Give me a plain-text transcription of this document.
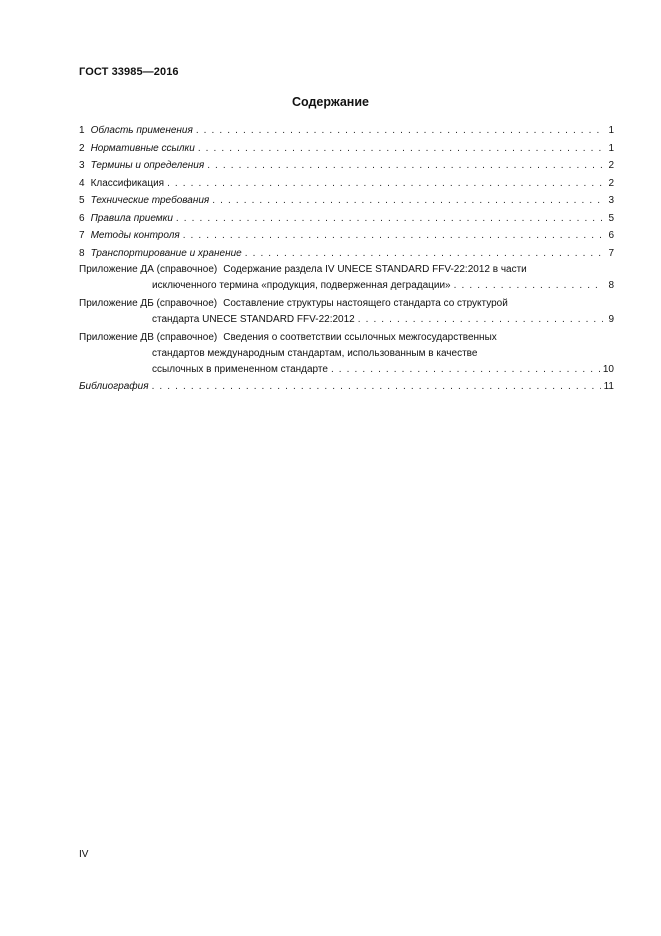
ГОСТ 33985—2016
Содержание
1 Область применения . . .	1
2 Нормативные ссылки . . .	1
3 Термины и определения . . .	2
4 Классификация . . .	2
5 Технические требования . . .	3
6 Правила приемки . . .	5
7 Методы контроля . . .	6
8 Транспортирование и хранение . . .	7
Приложение ДА (справочное) Содержание раздела IV UNECE STANDARD FFV-22:2012 в части
исключенного термина «продукция, подверженная деградации» . . .	8
Приложение ДБ (справочное) Составление структуры настоящего стандарта со структурой
стандарта UNECE STANDARD FFV-22:2012 . . .	9
Приложение ДВ (справочное) Сведения о соответствии ссылочных межгосударственных
стандартов международным стандартам, использованным в качестве
ссылочных в примененном стандарте . . .	10
Библиография . . .	11
IV
